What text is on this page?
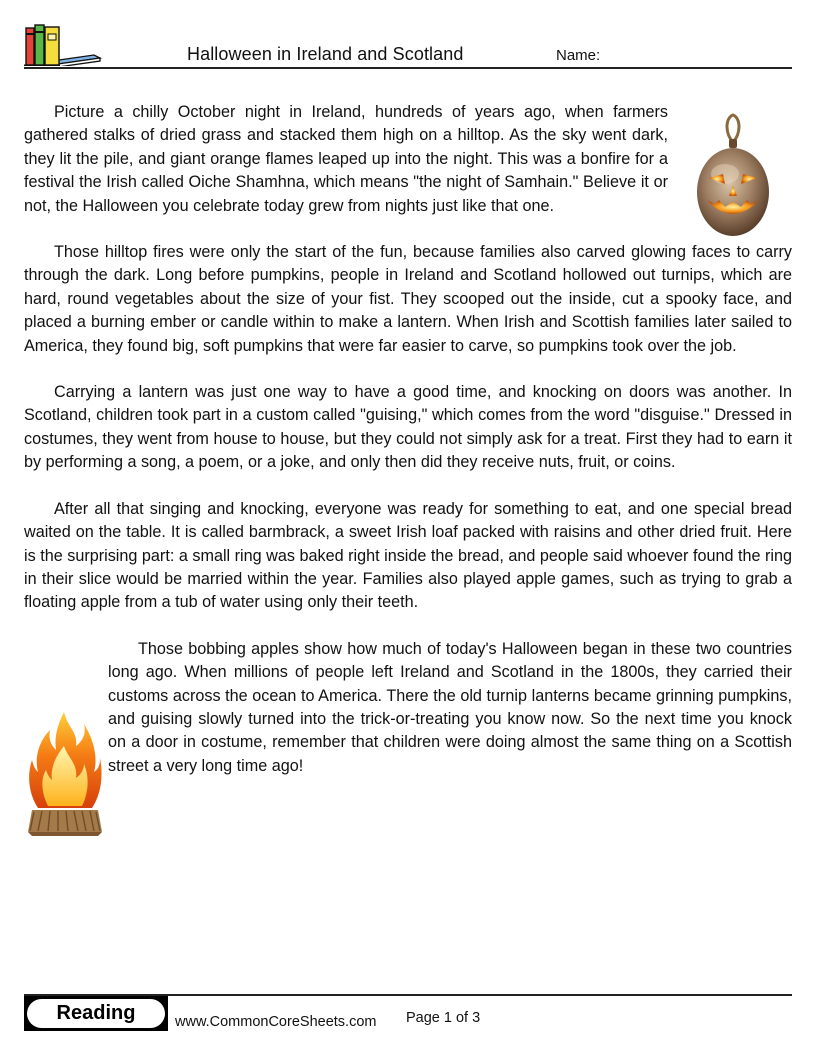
Halloween in Ireland and Scotland	Name:

Picture a chilly October night in Ireland, hundreds of years ago, when farmers gathered stalks of dried grass and stacked them high on a hilltop. As the sky went dark, they lit the pile, and giant orange flames leaped up into the night. This was a bonfire for a festival the Irish called Oiche Shamhna, which means "the night of Samhain." Believe it or not, the Halloween you celebrate today grew from nights just like that one.

Those hilltop fires were only the start of the fun, because families also carved glowing faces to carry through the dark. Long before pumpkins, people in Ireland and Scotland hollowed out turnips, which are hard, round vegetables about the size of your fist. They scooped out the inside, cut a spooky face, and placed a burning ember or candle within to make a lantern. When Irish and Scottish families later sailed to America, they found big, soft pumpkins that were far easier to carve, so pumpkins took over the job.

Carrying a lantern was just one way to have a good time, and knocking on doors was another. In Scotland, children took part in a custom called "guising," which comes from the word "disguise." Dressed in costumes, they went from house to house, but they could not simply ask for a treat. First they had to earn it by performing a song, a poem, or a joke, and only then did they receive nuts, fruit, or coins.

After all that singing and knocking, everyone was ready for something to eat, and one special bread waited on the table. It is called barmbrack, a sweet Irish loaf packed with raisins and other dried fruit. Here is the surprising part: a small ring was baked right inside the bread, and people said whoever found the ring in their slice would be married within the year. Families also played apple games, such as trying to grab a floating apple from a tub of water using only their teeth.

Those bobbing apples show how much of today's Halloween began in these two countries long ago. When millions of people left Ireland and Scotland in the 1800s, they carried their customs across the ocean to America. There the old turnip lanterns became grinning pumpkins, and guising slowly turned into the trick-or-treating you know now. So the next time you knock on a door in costume, remember that children were doing almost the same thing on a Scottish street a very long time ago!

Reading	www.CommonCoreSheets.com Page 1 of 3
